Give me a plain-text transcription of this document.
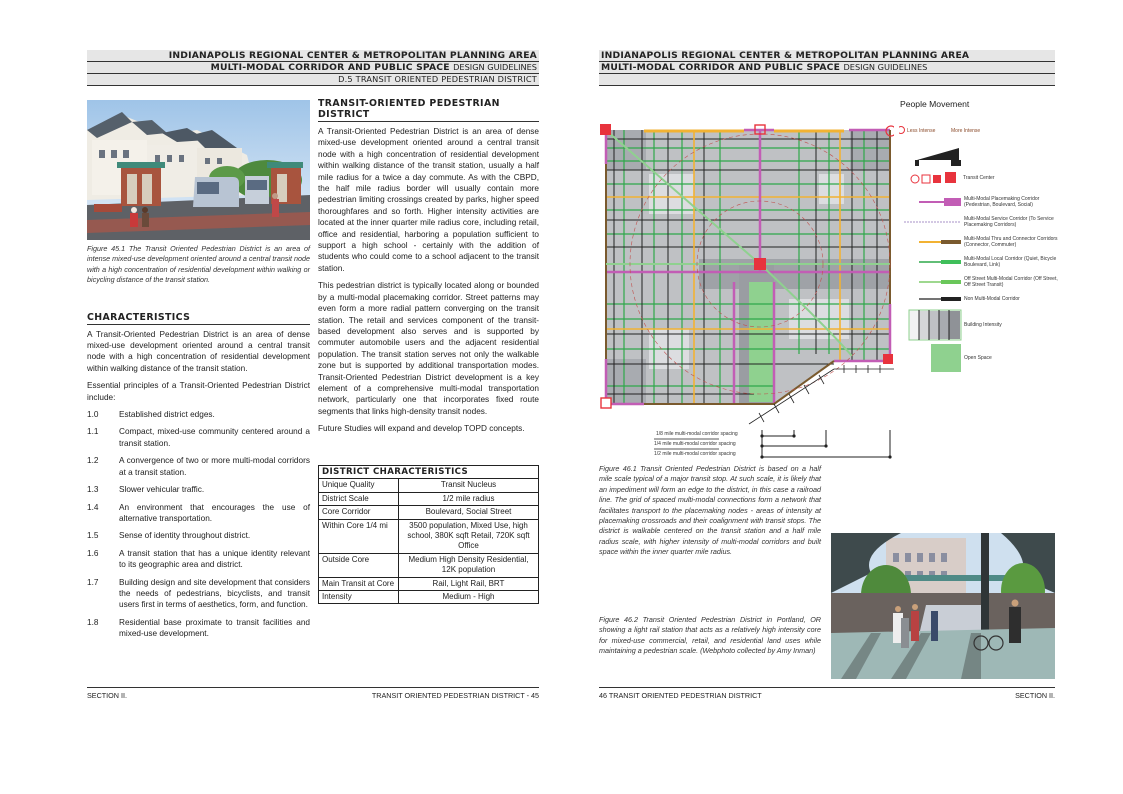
INDIANAPOLIS REGIONAL CENTER & METROPOLITAN PLANNING AREA
MULTI-MODAL CORRIDOR AND PUBLIC SPACE DESIGN GUIDELINES
D.5 TRANSIT ORIENTED PEDESTRIAN DISTRICT
Figure 45.1 The Transit Oriented Pedestrian District is an area of intense mixed-use development oriented around a central transit node with a high concentration of residential development within walking or bicycling distance of the transit station.
CHARACTERISTICS

A Transit-Oriented Pedestrian District is an area of dense mixed-use development oriented around a central transit node with a high concentration of residential development within walking distance of the transit station.

Essential principles of a Transit-Oriented Pedestrian District include:

1.0	Established district edges.
1.1	Compact, mixed-use community centered around a transit station.
1.2	A convergence of two or more multi-modal corridors at a transit station.
1.3	Slower vehicular traffic.
1.4	An environment that encourages the use of alternative transportation.
1.5	Sense of identity throughout district.
1.6	A transit station that has a unique identity relevant to its geographic area and district.
1.7	Building design and site development that considers the needs of pedestrians, bicyclists, and transit users first in terms of aesthetics, form, and function.
1.8	Residential base proximate to transit facilities and mixed-use development.
TRANSIT-ORIENTED PEDESTRIAN DISTRICT

A Transit-Oriented Pedestrian District is an area of dense mixed-use development oriented around a central transit node with a high concentration of residential development within walking distance of the transit station, usually a half mile radius for a twice a day commute. As with the CBPD, the half mile radius border will usually contain more pedestrian limiting crossings created by parks, higher speed thoroughfares and so forth. Higher intensity activities are located at the inner quarter mile radius core, including retail, office and residential, harboring a population sufficient to support a high school - certainly with the addition of students who could come to a school adjacent to the transit station.

This pedestrian district is typically located along or bounded by a multi-modal placemaking corridor. Street patterns may even form a more radial pattern converging on the transit station. The retail and services component of the transit-based development also serves and is supported by commuter automobile users and the adjacent residential population. The transit station serves not only the walkable zone but is supported by additional transportation modes. Transit-Oriented Pedestrian District development is a key element of a comprehensive multi-modal transportation network, particularly one that incorporates fixed route segments that links high-density transit nodes.

Future Studies will expand and develop TOPD concepts.

DISTRICT CHARACTERISTICS	
Unique Quality	Transit Nucleus
District Scale	1/2 mile radius
Core Corridor	Boulevard, Social Street
Within Core 1/4 mi	3500 population, Mixed Use, high school, 380K sqft Retail, 720K sqft Office
Outside Core	Medium High Density Residential, 12K population
Main Transit at Core	Rail, Light Rail, BRT
Intensity	Medium - High
SECTION II.	TRANSIT ORIENTED PEDESTRIAN DISTRICT - 45
INDIANAPOLIS REGIONAL CENTER & METROPOLITAN PLANNING AREA
MULTI-MODAL CORRIDOR AND PUBLIC SPACE DESIGN GUIDELINES
People Movement
Less Intense	More Intense
Transit Center
Multi-Modal Placemaking Corridor (Pedestrian, Boulevard, Social)
Multi-Modal Service Corridor (To Service Placemaking Corridors)
Multi-Modal Thru and Connector Corridors (Connector, Commuter)
Multi-Modal Local Corridor (Quiet, Bicycle Boulevard, Link)
Off Street Multi-Modal Corridor (Off Street, Off Street Transit)
Non Multi-Modal Corridor
Building Intensity
Open Space
1/8 mile multi-modal corridor spacing
1/4 mile multi-modal corridor spacing
1/2 mile multi-modal corridor spacing
Figure 46.1 Transit Oriented Pedestrian District is based on a half mile scale typical of a major transit stop. At such scale, it is likely that an impediment will form an edge to the district, in this case a railroad line. The grid of spaced multi-modal connections form a network that facilitates transport to the placemaking nodes - areas of intensity at placemaking crossroads and their coalignment with transit stops. The district is walkable centered on the transit station and a half mile radius scale, with higher intensity of multi-modal corridors and built space within the inner quarter mile radius.
Figure 46.2 Transit Oriented Pedestrian District in Portland, OR showing a light rail station that acts as a relatively high intensity core for mixed-use commercial, retail, and residential land uses while maintaining a pedestrian scale. (Webphoto collected by Amy Inman)
46 TRANSIT ORIENTED PEDESTRIAN DISTRICT	SECTION II.
